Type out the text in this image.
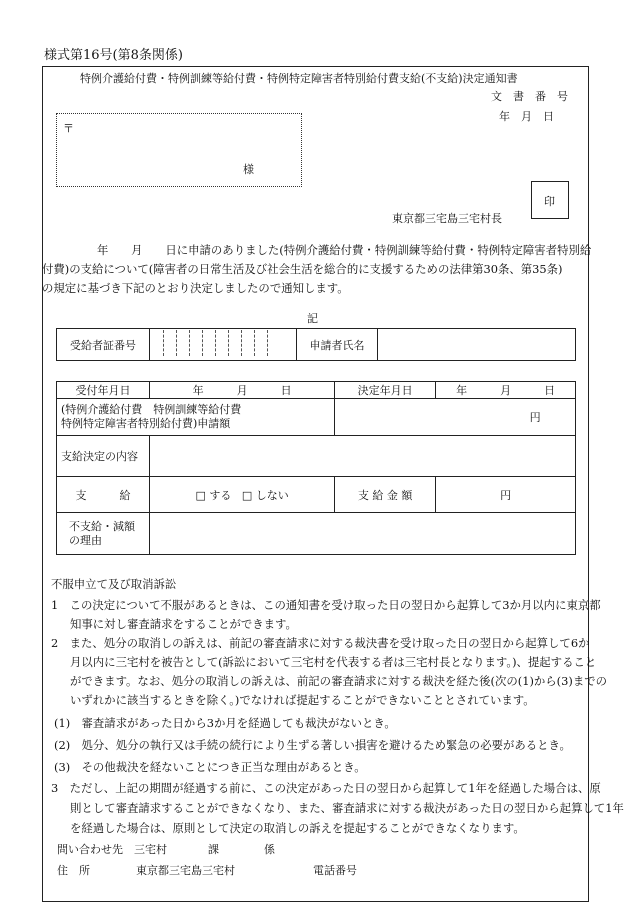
様式第16号(第8条関係)
特例介護給付費・特例訓練等給付費・特例特定障害者特別給付費支給(不支給)決定通知書
文　書　番　号
年　月　日
〒
様
印
東京都三宅島三宅村長
年　　月　　日に申請のありました(特例介護給付費・特例訓練等給付費・特例特定障害者特別給
付費)の支給について(障害者の日常生活及び社会生活を総合的に支援するための法律第30条、第35条)
の規定に基づき下記のとおり決定しましたので通知します。
記
受給者証番号		申請者氏名	
受付年月日	年　　　月　　　日	決定年月日	年　　　月　　　日

(特例介護給付費　特例訓練等給付費
特例特定障害者特別給付費)申請額		円	
支給決定の内容			
支　　　給	□ する □ しない	支 給 金 額	円

不支給・減額
の理由			

不服申立て及び取消訴訟
1　この決定について不服があるときは、この通知書を受け取った日の翌日から起算して3か月以内に東京都
知事に対し審査請求をすることができます。
2　また、処分の取消しの訴えは、前記の審査請求に対する裁決書を受け取った日の翌日から起算して6か
月以内に三宅村を被告として(訴訟において三宅村を代表する者は三宅村長となります。)、提起すること
ができます。なお、処分の取消しの訴えは、前記の審査請求に対する裁決を経た後(次の(1)から(3)までの
いずれかに該当するときを除く。)でなければ提起することができないこととされています。
(1)　審査請求があった日から3か月を経過しても裁決がないとき。
(2)　処分、処分の執行又は手続の続行により生ずる著しい損害を避けるため緊急の必要があるとき。
(3)　その他裁決を経ないことにつき正当な理由があるとき。
3　ただし、上記の期間が経過する前に、この決定があった日の翌日から起算して1年を経過した場合は、原
則として審査請求することができなくなり、また、審査請求に対する裁決があった日の翌日から起算して1年
を経過した場合は、原則として決定の取消しの訴えを提起することができなくなります。
問い合わせ先 三宅村	課	係
住　所	東京都三宅島三宅村	電話番号
